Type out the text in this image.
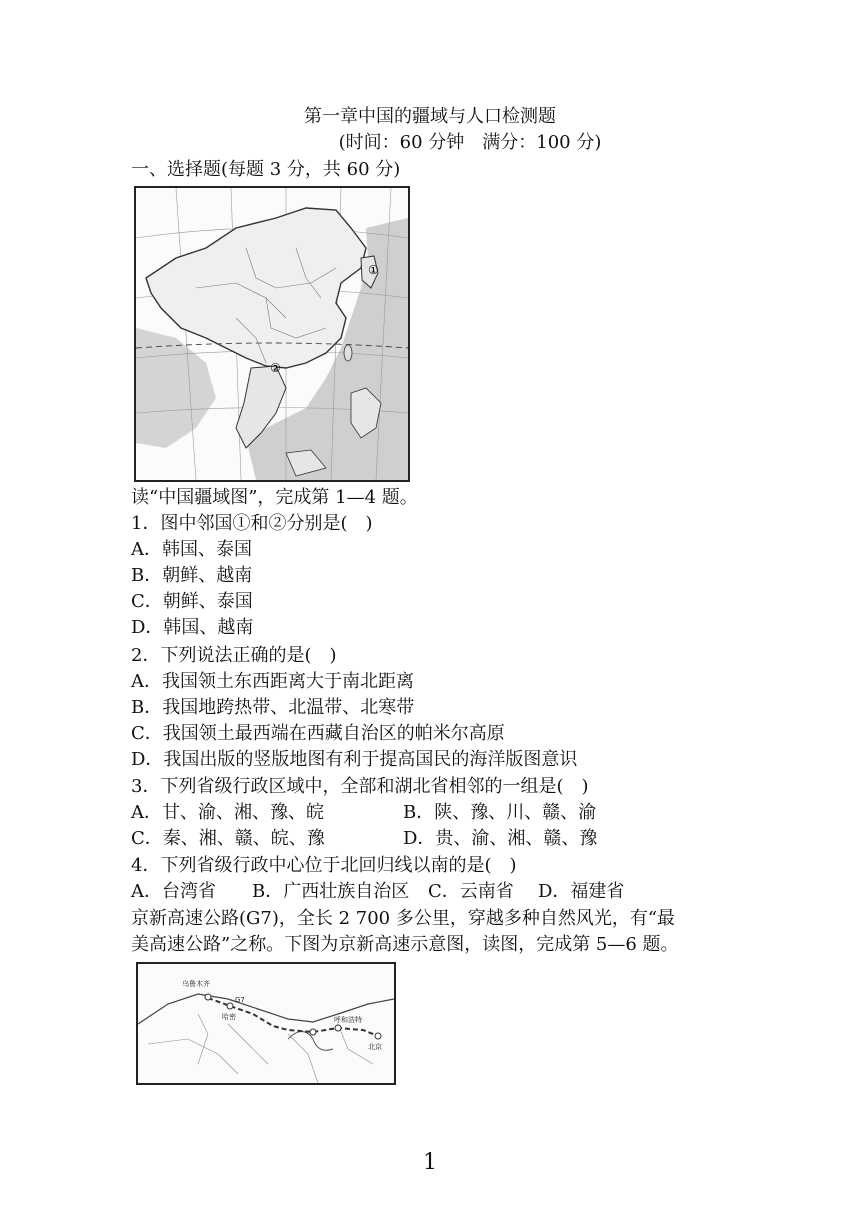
第一章中国的疆域与人口检测题
(时间：60 分钟　满分：100 分)
一、选择题(每题 3 分，共 60 分)
①
②
读“中国疆域图”，完成第 1—4 题。
1．图中邻国①和②分别是(　)
A．韩国、泰国
B．朝鲜、越南
C．朝鲜、泰国
D．韩国、越南
2．下列说法正确的是(　)
A．我国领土东西距离大于南北距离
B．我国地跨热带、北温带、北寒带
C．我国领土最西端在西藏自治区的帕米尔高原
D．我国出版的竖版地图有利于提高国民的海洋版图意识
3．下列省级行政区域中，全部和湖北省相邻的一组是(　)
A．甘、渝、湘、豫、皖	B．陕、豫、川、赣、渝
C．秦、湘、赣、皖、豫	D．贵、渝、湘、赣、豫
4．下列省级行政中心位于北回归线以南的是(　)
A．台湾省 B．广西壮族自治区 C．云南省 D．福建省
京新高速公路(G7)，全长 2 700 多公里，穿越多种自然风光，有“最
美高速公路”之称。下图为京新高速示意图，读图，完成第 5—6 题。
乌鲁木齐
哈密
G7
呼和浩特
北京
1
